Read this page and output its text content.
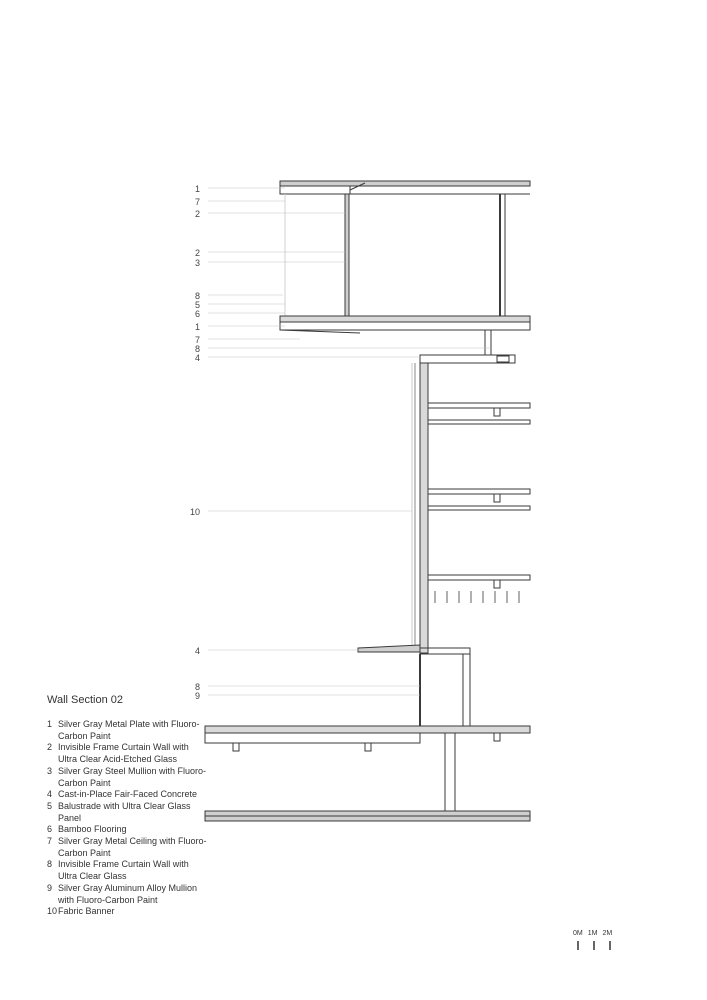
1
7
2
2
3
8
5
6
1
7
8
4
10
4
8
9
Wall Section 02
1 Silver Gray Metal Plate with Fluoro-Carbon Paint
2 Invisible Frame Curtain Wall with Ultra Clear Acid-Etched Glass
3 Silver Gray Steel Mullion with Fluoro-Carbon Paint
4 Cast-in-Place Fair-Faced Concrete
5 Balustrade with Ultra Clear Glass Panel
6 Bamboo Flooring
7 Silver Gray Metal Ceiling with Fluoro-Carbon Paint
8 Invisible Frame Curtain Wall with Ultra Clear Glass
9 Silver Gray Aluminum Alloy Mullion with Fluoro-Carbon Paint
10 Fabric Banner
0M 1M 2M
